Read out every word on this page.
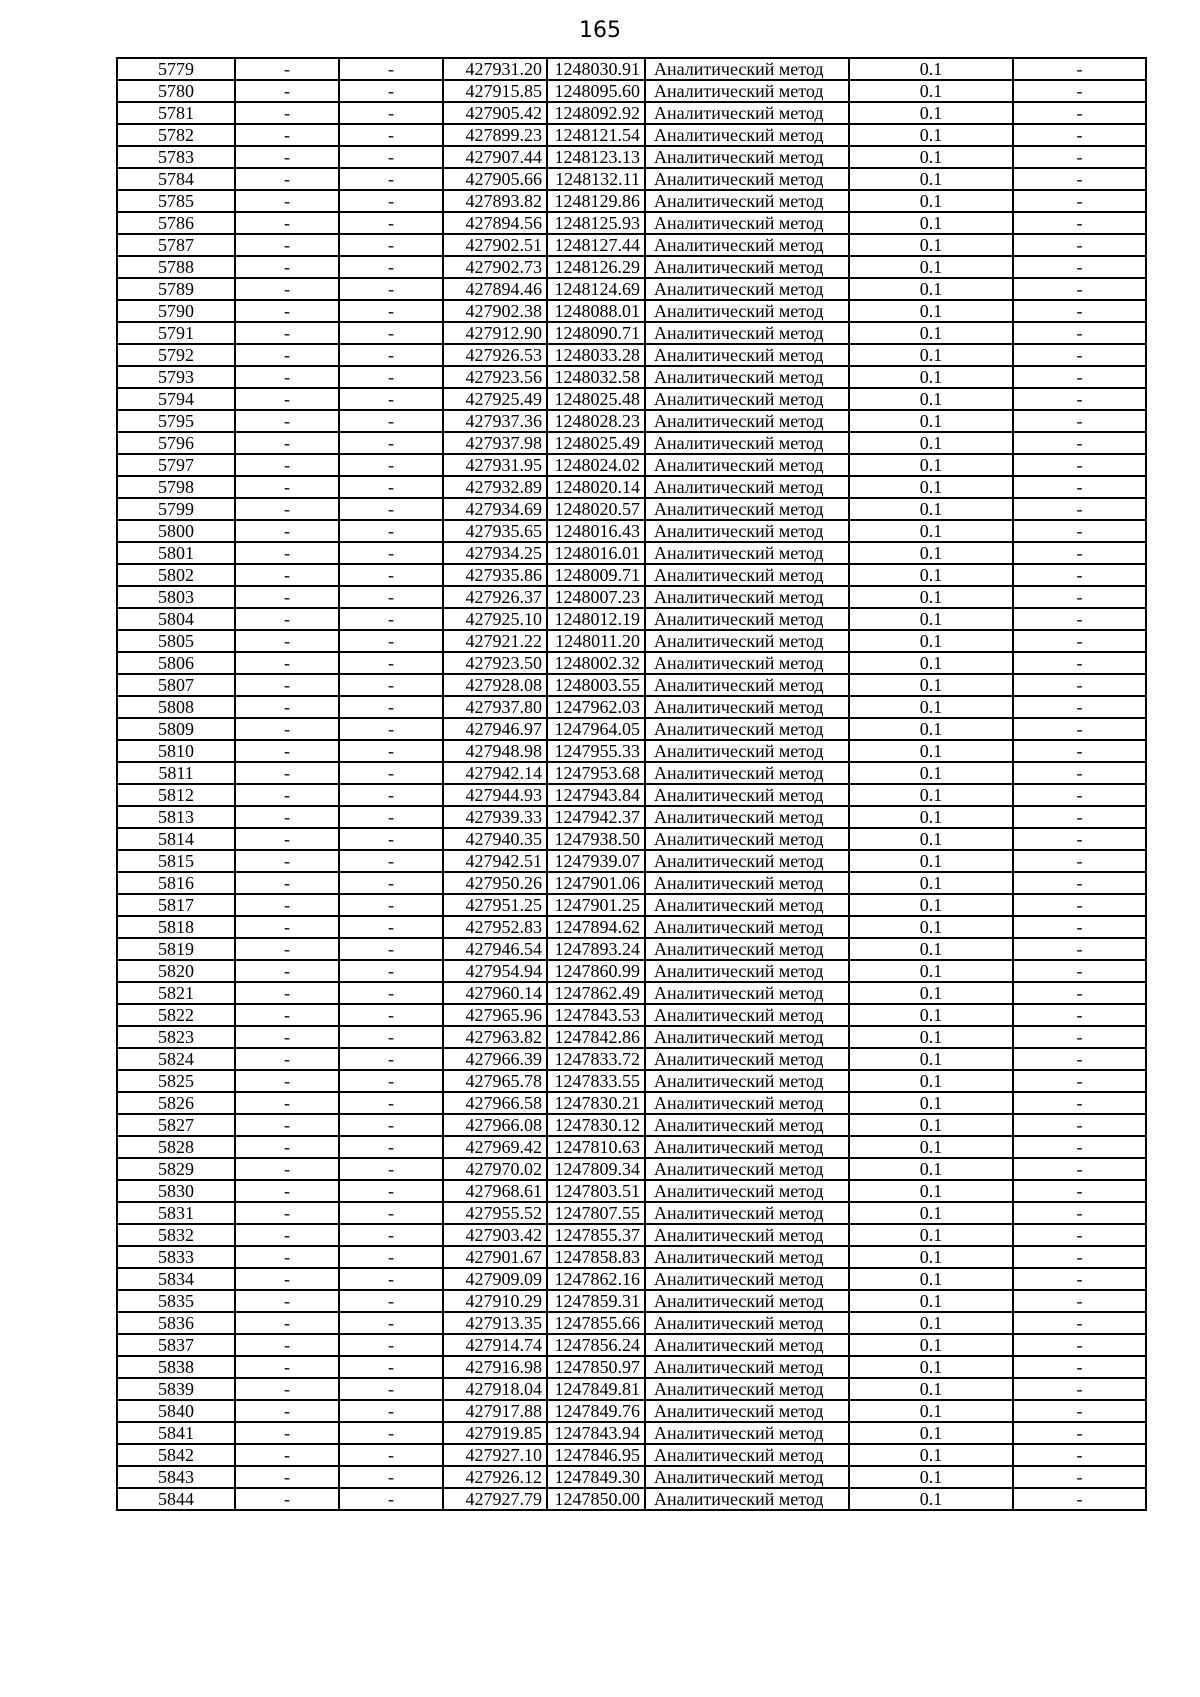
165
5779	-	-	427931.20	1248030.91	Аналитический метод	0.1	-
5780	-	-	427915.85	1248095.60	Аналитический метод	0.1	-
5781	-	-	427905.42	1248092.92	Аналитический метод	0.1	-
5782	-	-	427899.23	1248121.54	Аналитический метод	0.1	-
5783	-	-	427907.44	1248123.13	Аналитический метод	0.1	-
5784	-	-	427905.66	1248132.11	Аналитический метод	0.1	-
5785	-	-	427893.82	1248129.86	Аналитический метод	0.1	-
5786	-	-	427894.56	1248125.93	Аналитический метод	0.1	-
5787	-	-	427902.51	1248127.44	Аналитический метод	0.1	-
5788	-	-	427902.73	1248126.29	Аналитический метод	0.1	-
5789	-	-	427894.46	1248124.69	Аналитический метод	0.1	-
5790	-	-	427902.38	1248088.01	Аналитический метод	0.1	-
5791	-	-	427912.90	1248090.71	Аналитический метод	0.1	-
5792	-	-	427926.53	1248033.28	Аналитический метод	0.1	-
5793	-	-	427923.56	1248032.58	Аналитический метод	0.1	-
5794	-	-	427925.49	1248025.48	Аналитический метод	0.1	-
5795	-	-	427937.36	1248028.23	Аналитический метод	0.1	-
5796	-	-	427937.98	1248025.49	Аналитический метод	0.1	-
5797	-	-	427931.95	1248024.02	Аналитический метод	0.1	-
5798	-	-	427932.89	1248020.14	Аналитический метод	0.1	-
5799	-	-	427934.69	1248020.57	Аналитический метод	0.1	-
5800	-	-	427935.65	1248016.43	Аналитический метод	0.1	-
5801	-	-	427934.25	1248016.01	Аналитический метод	0.1	-
5802	-	-	427935.86	1248009.71	Аналитический метод	0.1	-
5803	-	-	427926.37	1248007.23	Аналитический метод	0.1	-
5804	-	-	427925.10	1248012.19	Аналитический метод	0.1	-
5805	-	-	427921.22	1248011.20	Аналитический метод	0.1	-
5806	-	-	427923.50	1248002.32	Аналитический метод	0.1	-
5807	-	-	427928.08	1248003.55	Аналитический метод	0.1	-
5808	-	-	427937.80	1247962.03	Аналитический метод	0.1	-
5809	-	-	427946.97	1247964.05	Аналитический метод	0.1	-
5810	-	-	427948.98	1247955.33	Аналитический метод	0.1	-
5811	-	-	427942.14	1247953.68	Аналитический метод	0.1	-
5812	-	-	427944.93	1247943.84	Аналитический метод	0.1	-
5813	-	-	427939.33	1247942.37	Аналитический метод	0.1	-
5814	-	-	427940.35	1247938.50	Аналитический метод	0.1	-
5815	-	-	427942.51	1247939.07	Аналитический метод	0.1	-
5816	-	-	427950.26	1247901.06	Аналитический метод	0.1	-
5817	-	-	427951.25	1247901.25	Аналитический метод	0.1	-
5818	-	-	427952.83	1247894.62	Аналитический метод	0.1	-
5819	-	-	427946.54	1247893.24	Аналитический метод	0.1	-
5820	-	-	427954.94	1247860.99	Аналитический метод	0.1	-
5821	-	-	427960.14	1247862.49	Аналитический метод	0.1	-
5822	-	-	427965.96	1247843.53	Аналитический метод	0.1	-
5823	-	-	427963.82	1247842.86	Аналитический метод	0.1	-
5824	-	-	427966.39	1247833.72	Аналитический метод	0.1	-
5825	-	-	427965.78	1247833.55	Аналитический метод	0.1	-
5826	-	-	427966.58	1247830.21	Аналитический метод	0.1	-
5827	-	-	427966.08	1247830.12	Аналитический метод	0.1	-
5828	-	-	427969.42	1247810.63	Аналитический метод	0.1	-
5829	-	-	427970.02	1247809.34	Аналитический метод	0.1	-
5830	-	-	427968.61	1247803.51	Аналитический метод	0.1	-
5831	-	-	427955.52	1247807.55	Аналитический метод	0.1	-
5832	-	-	427903.42	1247855.37	Аналитический метод	0.1	-
5833	-	-	427901.67	1247858.83	Аналитический метод	0.1	-
5834	-	-	427909.09	1247862.16	Аналитический метод	0.1	-
5835	-	-	427910.29	1247859.31	Аналитический метод	0.1	-
5836	-	-	427913.35	1247855.66	Аналитический метод	0.1	-
5837	-	-	427914.74	1247856.24	Аналитический метод	0.1	-
5838	-	-	427916.98	1247850.97	Аналитический метод	0.1	-
5839	-	-	427918.04	1247849.81	Аналитический метод	0.1	-
5840	-	-	427917.88	1247849.76	Аналитический метод	0.1	-
5841	-	-	427919.85	1247843.94	Аналитический метод	0.1	-
5842	-	-	427927.10	1247846.95	Аналитический метод	0.1	-
5843	-	-	427926.12	1247849.30	Аналитический метод	0.1	-
5844	-	-	427927.79	1247850.00	Аналитический метод	0.1	-
